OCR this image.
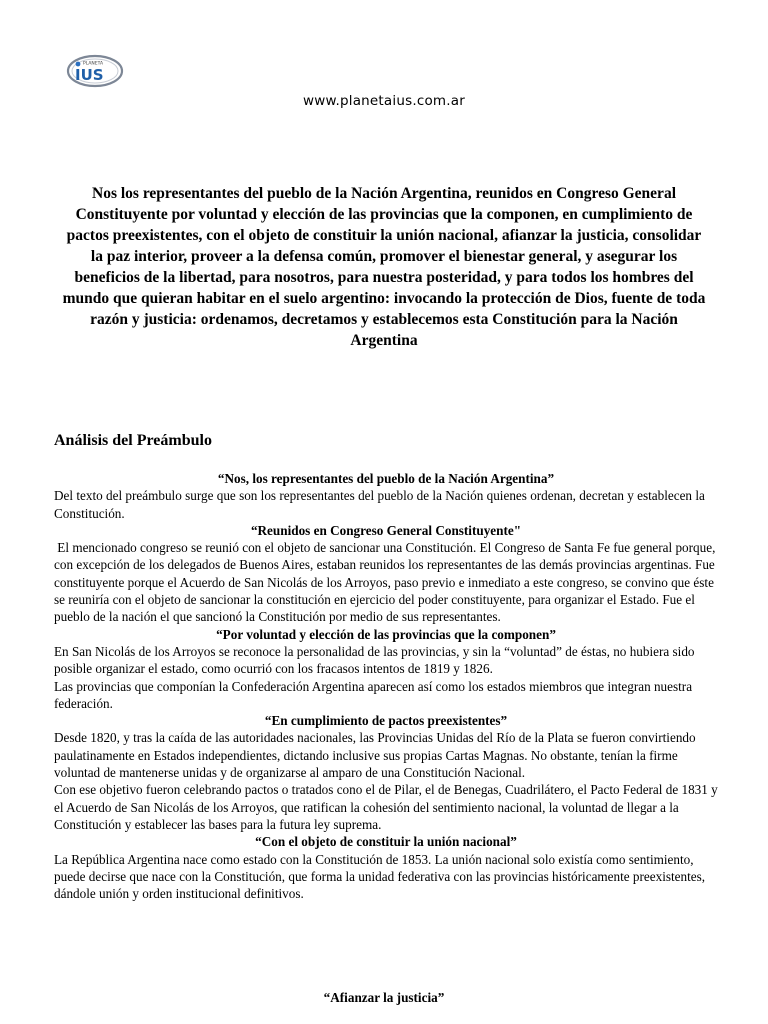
PLANETA
IUS
www.planetaius.com.ar
Nos los representantes del pueblo de la Nación Argentina, reunidos en Congreso General Constituyente por voluntad y elección de las provincias que la componen, en cumplimiento de pactos preexistentes, con el objeto de constituir la unión nacional, afianzar la justicia, consolidar la paz interior, proveer a la defensa común, promover el bienestar general, y asegurar los beneficios de la libertad, para nosotros, para nuestra posteridad, y para todos los hombres del mundo que quieran habitar en el suelo argentino: invocando la protección de Dios, fuente de toda razón y justicia: ordenamos, decretamos y establecemos esta Constitución para la Nación Argentina
Análisis del Preámbulo
“Nos, los representantes del pueblo de la Nación Argentina”

Del texto del preámbulo surge que son los representantes del pueblo de la Nación quienes ordenan, decretan y establecen la Constitución.

“Reunidos en Congreso General Constituyente"

El mencionado congreso se reunió con el objeto de sancionar una Constitución. El Congreso de Santa Fe fue general porque, con excepción de los delegados de Buenos Aires, estaban reunidos los representantes de las demás provincias argentinas. Fue constituyente porque el Acuerdo de San Nicolás de los Arroyos, paso previo e inmediato a este congreso, se convino que éste se reuniría con el objeto de sancionar la constitución en ejercicio del poder constituyente, para organizar el Estado. Fue el pueblo de la nación el que sancionó la Constitución por medio de sus representantes.

“Por voluntad y elección de las provincias que la componen”

En San Nicolás de los Arroyos se reconoce la personalidad de las provincias, y sin la “voluntad” de éstas, no hubiera sido posible organizar el estado, como ocurrió con los fracasos intentos de 1819 y 1826.

Las provincias que componían la Confederación Argentina aparecen así como los estados miembros que integran nuestra federación.

“En cumplimiento de pactos preexistentes”

Desde 1820, y tras la caída de las autoridades nacionales, las Provincias Unidas del Río de la Plata se fueron convirtiendo paulatinamente en Estados independientes, dictando inclusive sus propias Cartas Magnas. No obstante, tenían la firme voluntad de mantenerse unidas y de organizarse al amparo de una Constitución Nacional.

Con ese objetivo fueron celebrando pactos o tratados cono el de Pilar, el de Benegas, Cuadrilátero, el Pacto Federal de 1831 y el Acuerdo de San Nicolás de los Arroyos, que ratifican la cohesión del sentimiento nacional, la voluntad de llegar a la Constitución y establecer las bases para la futura ley suprema.

“Con el objeto de constituir la unión nacional”

La República Argentina nace como estado con la Constitución de 1853. La unión nacional solo existía como sentimiento, puede decirse que nace con la Constitución, que forma la unidad federativa con las provincias históricamente preexistentes, dándole unión y orden institucional definitivos.

“Afianzar la justicia”
